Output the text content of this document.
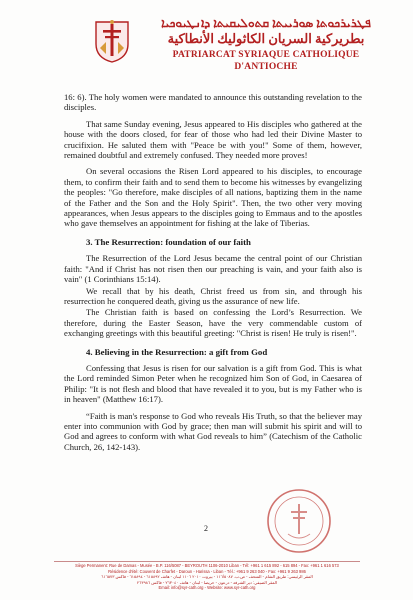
ܦܛܪܝܪܟܘܬܐ ܣܘܪܝܝܬܐ ܩܬܘܠܝܩܝܬܐ ܕܐܢܛܝܘܟܝܐ
بطريركية السريان الكاثوليك الأنطاكية
PATRIARCAT SYRIAQUE CATHOLIQUE D'ANTIOCHE

16: 6). The holy women were mandated to announce this outstanding revelation to the disciples.

That same Sunday evening, Jesus appeared to His disciples who gathered at the house with the doors closed, for fear of those who had led their Divine Master to crucifixion. He saluted them with "Peace be with you!" Some of them, however, remained doubtful and extremely confused. They needed more proves!

On several occasions the Risen Lord appeared to his disciples, to encourage them, to confirm their faith and to send them to become his witnesses by evangelizing the peoples: "Go therefore, make disciples of all nations, baptizing them in the name of the Father and the Son and the Holy Spirit". Then, the two other very moving appearances, when Jesus appears to the disciples going to Emmaus and to the apostles who gave themselves an appointment for fishing at the lake of Tiberias.

3. The Resurrection: foundation of our faith

The Resurrection of the Lord Jesus became the central point of our Christian faith: "And if Christ has not risen then our preaching is vain, and your faith also is vain" (1 Corinthians 15:14).

We recall that by his death, Christ freed us from sin, and through his resurrection he conquered death, giving us the assurance of new life.

The Christian faith is based on confessing the Lord’s Resurrection. We therefore, during the Easter Season, have the very commendable custom of exchanging greetings with this beautiful greeting: "Christ is risen! He truly is risen!".

4. Believing in the Resurrection: a gift from God

Confessing that Jesus is risen for our salvation is a gift from God. This is what the Lord reminded Simon Peter when he recognized him Son of God, in Caesarea of Philip: "It is not flesh and blood that have revealed it to you, but is my Father who is in heaven" (Matthew 16:17).

“Faith is man's response to God who reveals His Truth, so that the believer may enter into communion with God by grace; then man will submit his spirit and will to God and agrees to conform with what God reveals to him” (Catechism of the Catholic Church, 26, 142-143).

2
Siège Permanent: Rue de Damas - Musée - B.P. 116/5087 - BEYROUTH 1106-2010 Liban - Tél: +961 1 615 892 - 615 894 - Fax: +961 1 616 573
Résidence d'été: Couvent de Charfet - Daroun - Harissa - Liban - Tél.: +961 9 263 040 - Fax: +961 9 263 986
المقر الرئيسي: طريق الشام - المتحف - ص.ب. ١١٦/٥٠٨٧ - بيروت ٢٠١٠ ١١٠٦ لبنان - هاتف ٦١٥٨٩٢ - ٦١٥٨٩٤ - فاكس ٦١٦٥٧٣
المقر الصيفي: دير الشرفة - درعون - حريصا - لبنان - هاتف ٢٦٣٠٤٠ - فاكس ٢٦٣٩٨٦
Email: info@syr-cath.org - Website: www.syr-cath.org
